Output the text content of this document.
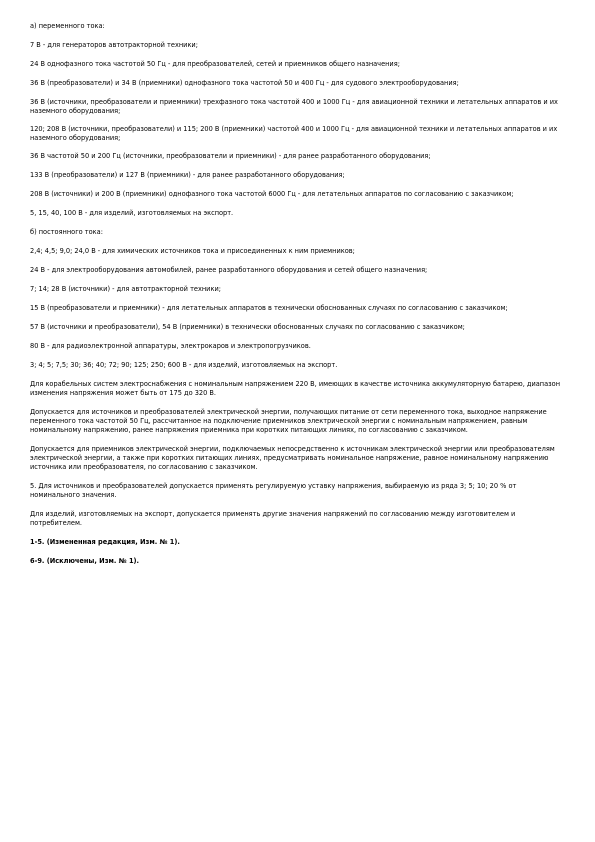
а) переменного тока:

7 В - для генераторов автотракторной техники;

24 В однофазного тока частотой 50 Гц - для преобразователей, сетей и приемников общего назначения;

36 В (преобразователи) и 34 В (приемники) однофазного тока частотой 50 и 400 Гц - для судового электрооборудования;

36 В (источники, преобразователи и приемники) трехфазного тока частотой 400 и 1000 Гц - для авиационной техники и летательных аппаратов и их наземного оборудования;

120; 208 В (источники, преобразователи) и 115; 200 В (приемники) частотой 400 и 1000 Гц - для авиационной техники и летательных аппаратов и их наземного оборудования;

36 В частотой 50 и 200 Гц (источники, преобразователи и приемники) - для ранее разработанного оборудования;

133 В (преобразователи) и 127 В (приемники) - для ранее разработанного оборудования;

208 В (источники) и 200 В (приемники) однофазного тока частотой 6000 Гц - для летательных аппаратов по согласованию с заказчиком;

5, 15, 40, 100 В - для изделий, изготовляемых на экспорт.

б) постоянного тока:

2,4; 4,5; 9,0; 24,0 В - для химических источников тока и присоединенных к ним приемников;

24 В - для электрооборудования автомобилей, ранее разработанного оборудования и сетей общего назначения;

7; 14; 28 В (источники) - для автотракторной техники;

15 В (преобразователи и приемники) - для летательных аппаратов в технически обоснованных случаях по согласованию с заказчиком;

57 В (источники и преобразователи), 54 В (приемники) в технически обоснованных случаях по согласованию с заказчиком;

80 В - для радиоэлектронной аппаратуры, электрокаров и электропогрузчиков.

3; 4; 5; 7,5; 30; 36; 40; 72; 90; 125; 250; 600 В - для изделий, изготовляемых на экспорт.

Для корабельных систем электроснабжения с номинальным напряжением 220 В, имеющих в качестве источника аккумуляторную батарею, диапазон изменения напряжения может быть от 175 до 320 В.

Допускается для источников и преобразователей электрической энергии, получающих питание от сети переменного тока, выходное напряжение переменного тока частотой 50 Гц, рассчитанное на подключение приемников электрической энергии с номинальным напряжением, равным номинальному напряжению, ранее напряжения приемника при коротких питающих линиях, по согласованию с заказчиком.

Допускается для приемников электрической энергии, подключаемых непосредственно к источникам электрической энергии или преобразователям электрической энергии, а также при коротких питающих линиях, предусматривать номинальное напряжение, равное номинальному напряжению источника или преобразователя, по согласованию с заказчиком.

5. Для источников и преобразователей допускается применять регулируемую уставку напряжения, выбираемую из ряда 3; 5; 10; 20 % от номинального значения.

Для изделий, изготовляемых на экспорт, допускается применять другие значения напряжений по согласованию между изготовителем и потребителем.

1-5. (Измененная редакция, Изм. № 1).

6-9. (Исключены, Изм. № 1).
